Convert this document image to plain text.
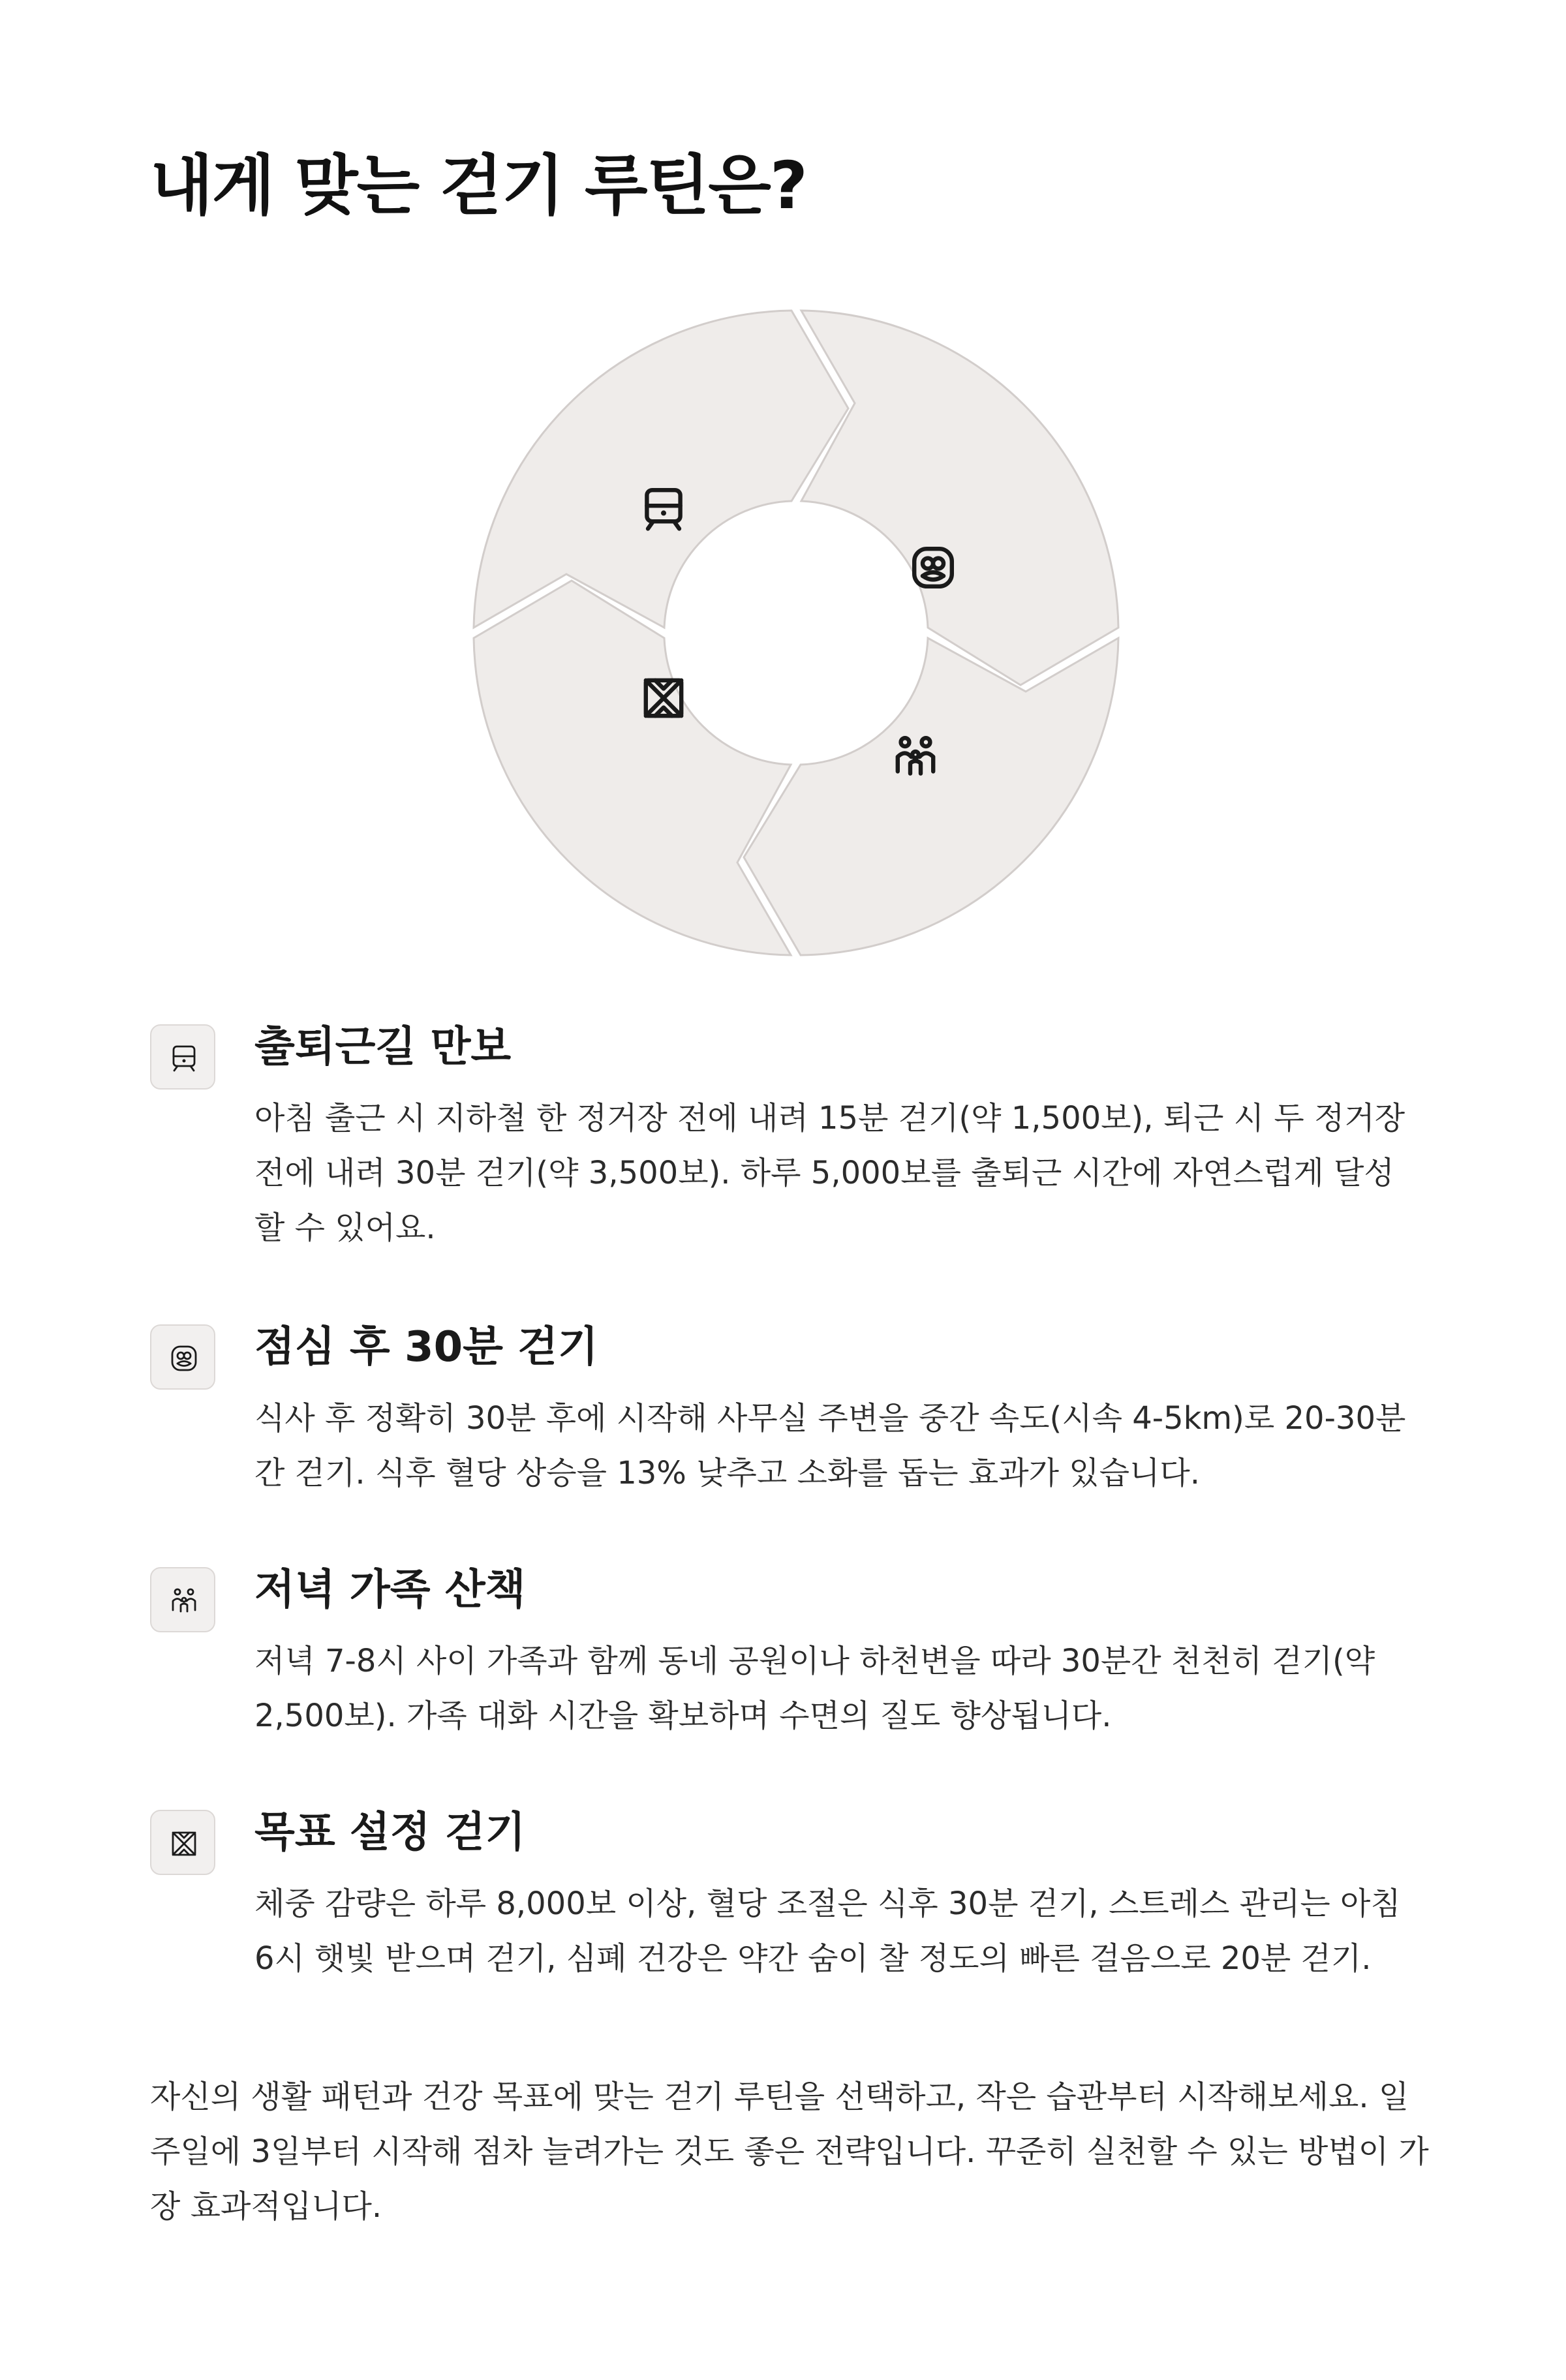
내게 맞는 걷기 루틴은?
출퇴근길 만보

아침 출근 시 지하철 한 정거장 전에 내려 15분 걷기(약 1,500보), 퇴근 시 두 정거장 전에 내려 30분 걷기(약 3,500보). 하루 5,000보를 출퇴근 시간에 자연스럽게 달성할 수 있어요.

점심 후 30분 걷기

식사 후 정확히 30분 후에 시작해 사무실 주변을 중간 속도(시속 4-5km)로 20-30분간 걷기. 식후 혈당 상승을 13% 낮추고 소화를 돕는 효과가 있습니다.

저녁 가족 산책

저녁 7-8시 사이 가족과 함께 동네 공원이나 하천변을 따라 30분간 천천히 걷기(약 2,500보). 가족 대화 시간을 확보하며 수면의 질도 향상됩니다.

목표 설정 걷기

체중 감량은 하루 8,000보 이상, 혈당 조절은 식후 30분 걷기, 스트레스 관리는 아침 6시 햇빛 받으며 걷기, 심폐 건강은 약간 숨이 찰 정도의 빠른 걸음으로 20분 걷기.

자신의 생활 패턴과 건강 목표에 맞는 걷기 루틴을 선택하고, 작은 습관부터 시작해보세요. 일주일에 3일부터 시작해 점차 늘려가는 것도 좋은 전략입니다. 꾸준히 실천할 수 있는 방법이 가장 효과적입니다.
